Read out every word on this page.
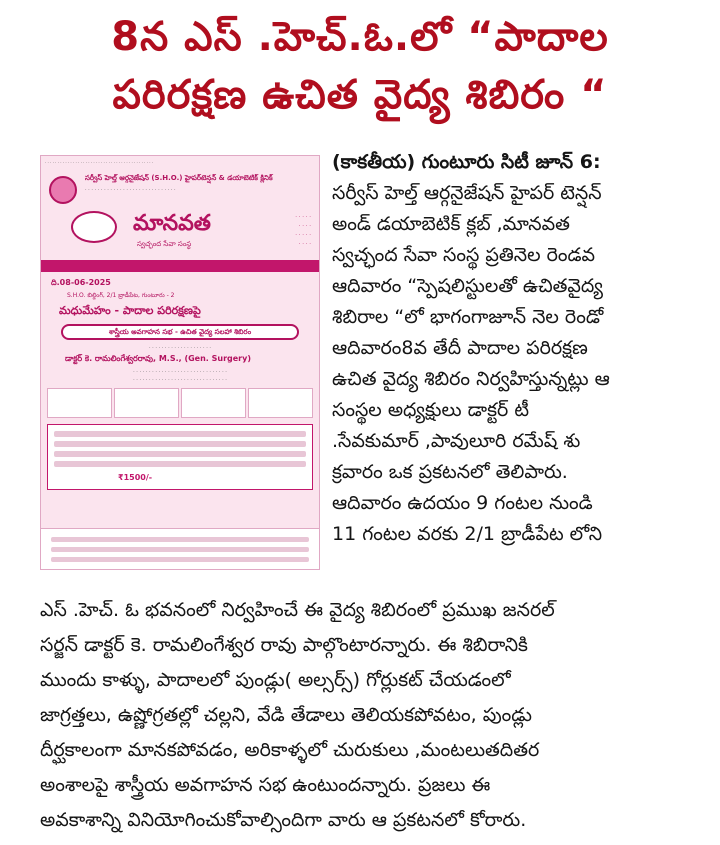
8న ఎస్ .హెచ్.ఓ.లో “పాదాల
పరిరక్షణ ఉచిత వైద్య శిబిరం “
. . . . . . . . . . . . . . . . . . . . . . . . . . . . . . . . . . . . . . . . . . .
సర్వీస్ హెల్త్ ఆర్గనైజేషన్ (S.H.O.) హైపర్‌టెన్షన్ & డయాబెటిక్ క్లినిక్
. . . . . . . . . . . . . . . . . . . . . . . . . . . . .
మానవత
స్వచ్ఛంద సేవా సంస్థ
. . . . .
. . . .
. . . . .
. . . .
ది.08-06-2025
S.H.O. బిల్డింగ్, 2/1 బ్రాడీపేట, గుంటూరు - 2
మధుమేహం - పాదాల పరిరక్షణపై
శాస్త్రీయ అవగాహన సభ - ఉచిత వైద్య సలహా శిబిరం
. . . . . . . . . . . . . . . . . . . .
డాక్టర్ కె. రామలింగేశ్వరరావు, M.S., (Gen. Surgery)
. . . . . . . . . . . . . . . . . . . . . . . . . . . . . .
. . . . . . . . . . . . . . . . . . . . . . . . . . . . . .
₹1500/-
(కాకతీయ) గుంటూరు సిటీ జూన్ 6:
సర్వీస్ హెల్త్ ఆర్గనైజేషన్ హైపర్ టెన్షన్
అండ్ డయాబెటిక్ క్లబ్ ,మానవత
స్వచ్ఛంద సేవా సంస్థ ప్రతినెల రెండవ
ఆదివారం “స్పెషలిస్టులతో ఉచితవైద్య
శిబిరాల “లో భాగంగాజూన్ నెల రెండో
ఆదివారం8వ తేదీ పాదాల పరిరక్షణ
ఉచిత వైద్య శిబిరం నిర్వహిస్తున్నట్లు ఆ
సంస్థల అధ్యక్షులు డాక్టర్ టీ
.సేవకుమార్ ,పావులూరి రమేష్ శు
క్రవారం ఒక ప్రకటనలో తెలిపారు.
ఆదివారం ఉదయం 9 గంటల నుండి
11 గంటల వరకు 2/1 బ్రాడీపేట లోని
ఎస్ .హెచ్. ఓ భవనంలో నిర్వహించే ఈ వైద్య శిబిరంలో ప్రముఖ జనరల్
సర్జన్ డాక్టర్ కె. రామలింగేశ్వర రావు పాల్గొంటారన్నారు. ఈ శిబిరానికి
ముందు కాళ్ళు, పాదాలలో పుండ్లు( అల్సర్స్) గోర్లుకట్ చేయడంలో
జాగ్రత్తలు, ఉష్ణోగ్రతల్లో చల్లని, వేడి తేడాలు తెలియకపోవటం, పుండ్లు
దీర్ఘకాలంగా మానకపోవడం, అరికాళ్ళలో చురుకులు ,మంటలుతదితర
అంశాలపై శాస్త్రీయ అవగాహన సభ ఉంటుందన్నారు. ప్రజలు ఈ
అవకాశాన్ని వినియోగించుకోవాల్సిందిగా వారు ఆ ప్రకటనలో కోరారు.
